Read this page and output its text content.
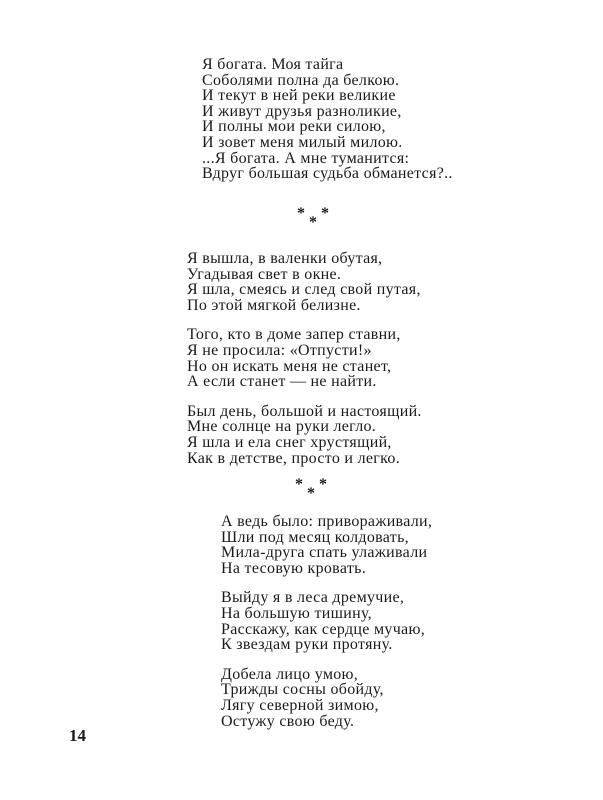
Я богата. Моя тайга
Соболями полна да белкою.
И текут в ней реки великие
И живут друзья разноликие,
И полны мои реки силою,
И зовет меня милый милою.
...Я богата. А мне туманится:
Вдруг большая судьба обманется?..
* *
*
Я вышла, в валенки обутая,
Угадывая свет в окне.
Я шла, смеясь и след свой путая,
По этой мягкой белизне.
Того, кто в доме запер ставни,
Я не просила: «Отпусти!»
Но он искать меня не станет,
А если станет — не найти.
Был день, большой и настоящий.
Мне солнце на руки легло.
Я шла и ела снег хрустящий,
Как в детстве, просто и легко.
* *
*
А ведь было: привораживали,
Шли под месяц колдовать,
Мила-друга спать улаживали
На тесовую кровать.
Выйду я в леса дремучие,
На большую тишину,
Расскажу, как сердце мучаю,
К звездам руки протяну.
Добела лицо умою,
Трижды сосны обойду,
Лягу северной зимою,
Остужу свою беду.
14
